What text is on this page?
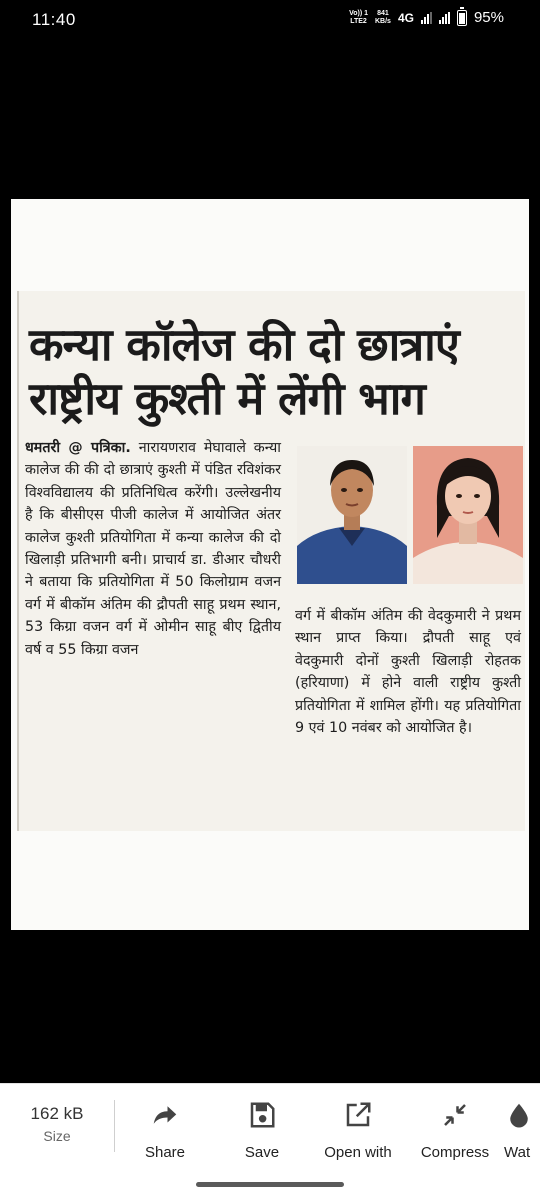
11:40	Vo)) 1
LTE2
841
KB/s 4G	95%
कन्या कॉलेज की दो छात्राएं
राष्ट्रीय कुश्ती में लेंगी भाग
धमतरी @ पत्रिका. नारायणराव मेघावाले कन्या कालेज की की दो छात्राएं कुश्ती में पंडित रविशंकर विश्वविद्यालय की प्रतिनिधित्व करेंगी। उल्लेखनीय है कि बीसीएस पीजी कालेज में आयोजित अंतर कालेज कुश्ती प्रतियोगिता में कन्या कालेज की दो खिलाड़ी प्रतिभागी बनी। प्राचार्य डा. डीआर चौधरी ने बताया कि प्रतियोगिता में 50 किलोग्राम वजन वर्ग में बीकॉम अंतिम की द्रौपती साहू प्रथम स्थान, 53 किग्रा वजन वर्ग में ओमीन साहू बीए द्वितीय वर्ष व 55 किग्रा वजन
वर्ग में बीकॉम अंतिम की वेदकुमारी ने प्रथम स्थान प्राप्त किया। द्रौपती साहू एवं वेदकुमारी दोनों कुश्ती खिलाड़ी रोहतक (हरियाणा) में होने वाली राष्ट्रीय कुश्ती प्रतियोगिता में शामिल होंगी। यह प्रतियोगिता 9 एवं 10 नवंबर को आयोजित है।
162 kB
Size
Share	Save	Open with	Compress Wat
